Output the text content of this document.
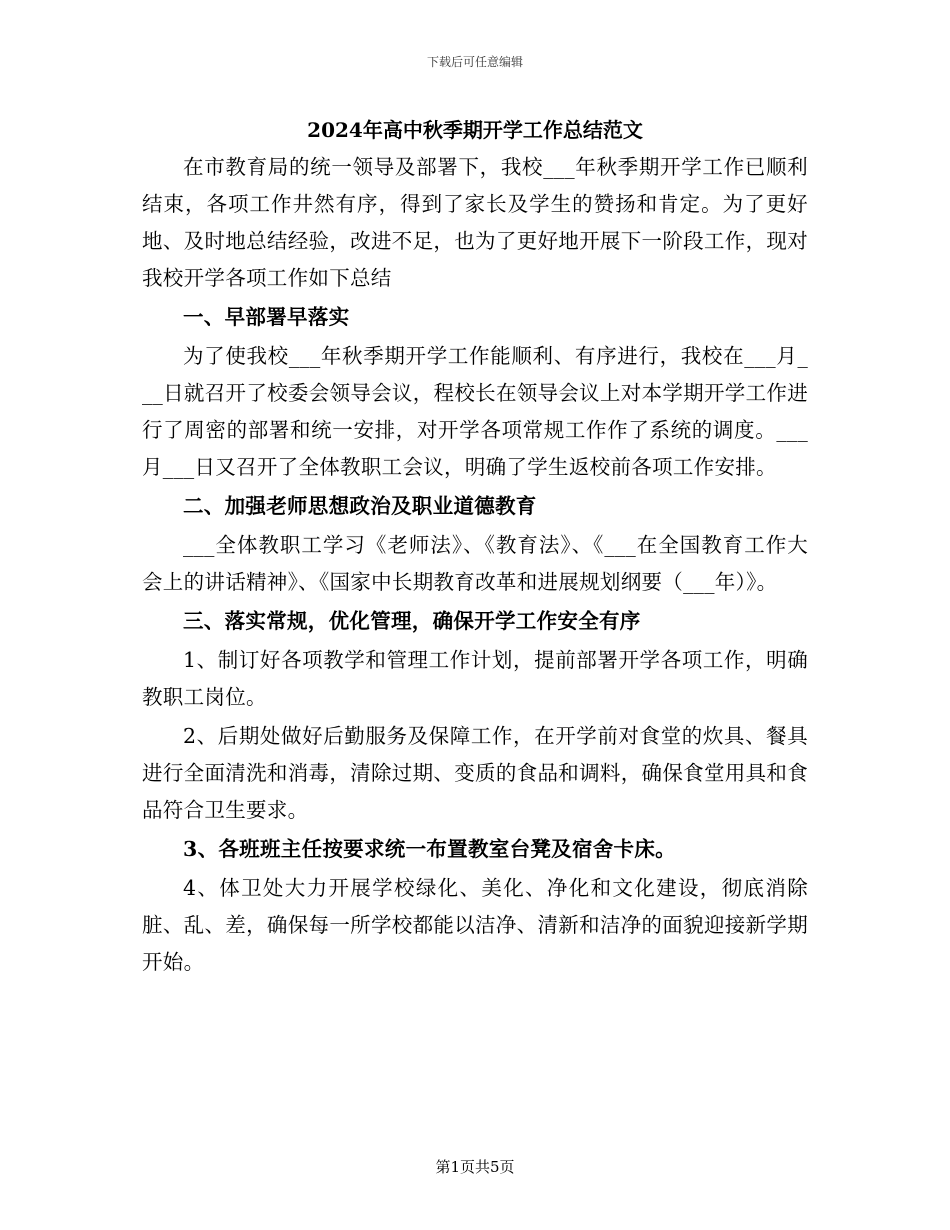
下载后可任意编辑
2024年高中秋季期开学工作总结范文

在市教育局的统一领导及部署下，我校___年秋季期开学工作已顺利结束，各项工作井然有序，得到了家长及学生的赞扬和肯定。为了更好地、及时地总结经验，改进不足，也为了更好地开展下一阶段工作，现对我校开学各项工作如下总结

一、早部署早落实

为了使我校___年秋季期开学工作能顺利、有序进行，我校在___月___日就召开了校委会领导会议，程校长在领导会议上对本学期开学工作进行了周密的部署和统一安排，对开学各项常规工作作了系统的调度。___月___日又召开了全体教职工会议，明确了学生返校前各项工作安排。

二、加强老师思想政治及职业道德教育

___全体教职工学习《老师法》、《教育法》、《___在全国教育工作大会上的讲话精神》、《国家中长期教育改革和进展规划纲要（___年）》。

三、落实常规，优化管理，确保开学工作安全有序

1、制订好各项教学和管理工作计划，提前部署开学各项工作，明确教职工岗位。

2、后期处做好后勤服务及保障工作，在开学前对食堂的炊具、餐具进行全面清洗和消毒，清除过期、变质的食品和调料，确保食堂用具和食品符合卫生要求。

3、各班班主任按要求统一布置教室台凳及宿舍卡床。

4、体卫处大力开展学校绿化、美化、净化和文化建设，彻底消除脏、乱、差，确保每一所学校都能以洁净、清新和洁净的面貌迎接新学期开始。

第1页共5页
